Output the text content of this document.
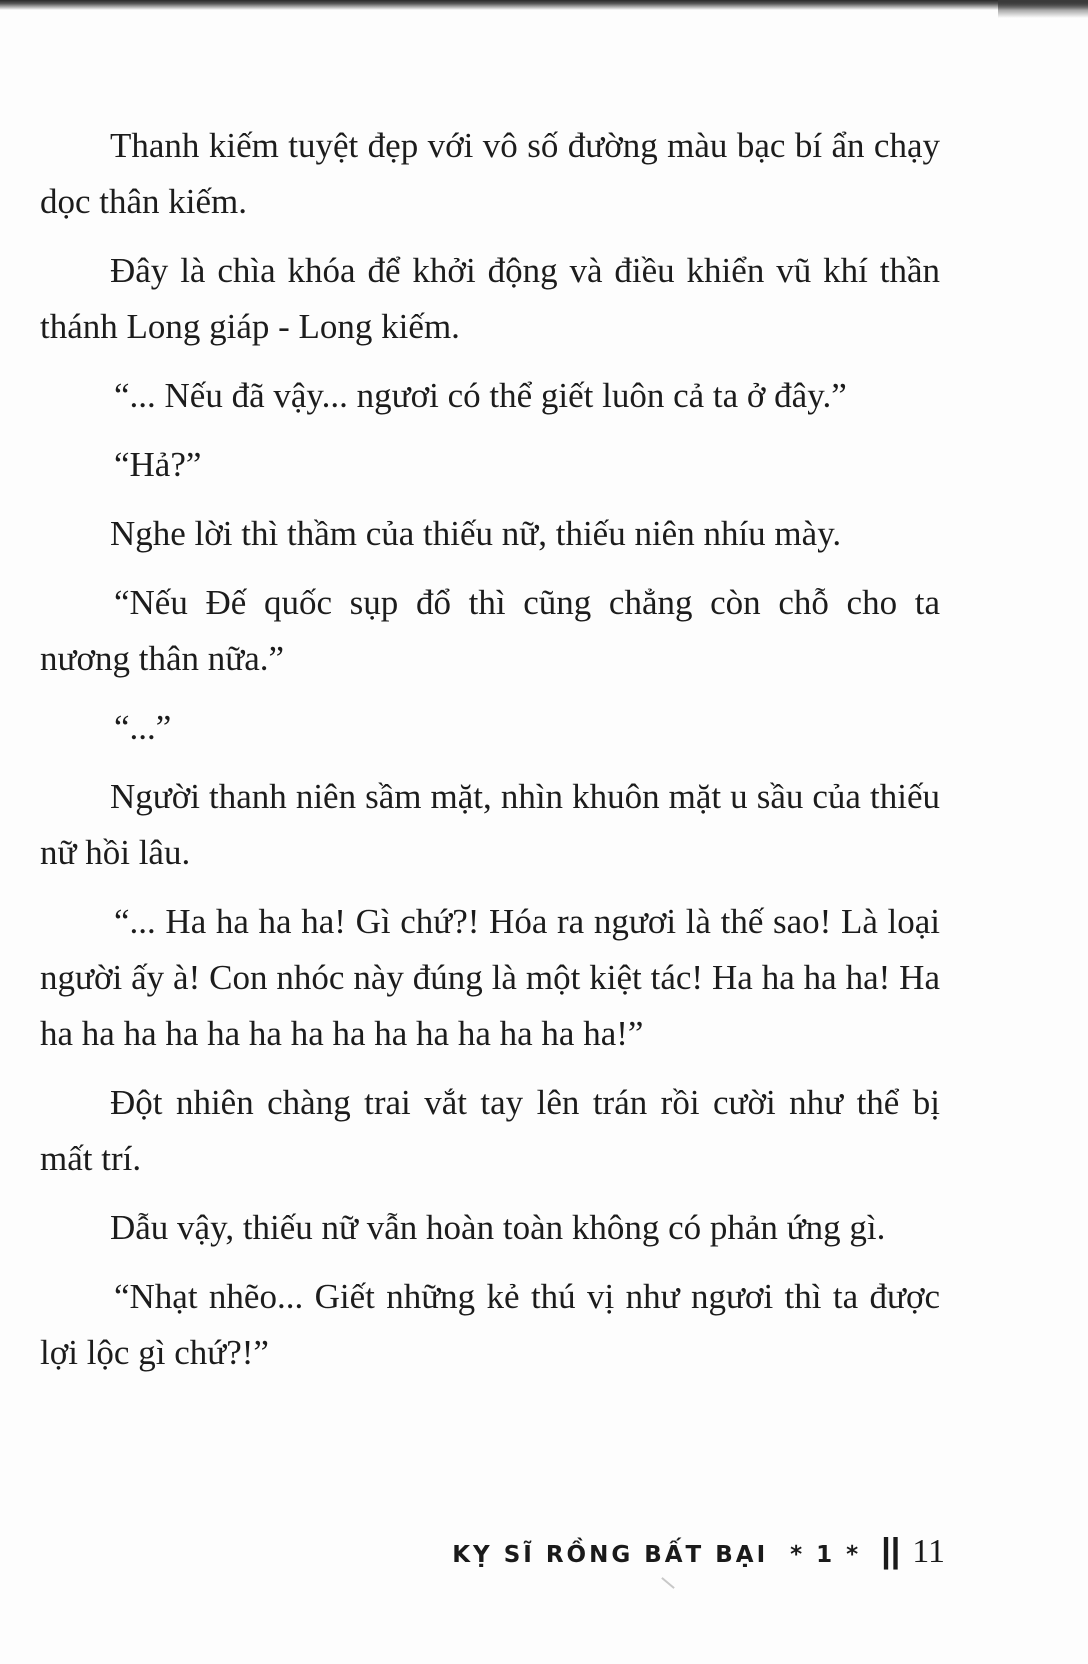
Thanh kiếm tuyệt đẹp với vô số đường màu bạc bí ẩn chạy dọc thân kiếm.

Đây là chìa khóa để khởi động và điều khiển vũ khí thần thánh Long giáp - Long kiếm.

“... Nếu đã vậy... ngươi có thể giết luôn cả ta ở đây.”

“Hả?”

Nghe lời thì thầm của thiếu nữ, thiếu niên nhíu mày.

“Nếu Đế quốc sụp đổ thì cũng chẳng còn chỗ cho ta nương thân nữa.”

“...”

Người thanh niên sầm mặt, nhìn khuôn mặt u sầu của thiếu nữ hồi lâu.

“... Ha ha ha ha! Gì chứ?! Hóa ra ngươi là thế sao! Là loại người ấy à! Con nhóc này đúng là một kiệt tác! Ha ha ha ha! Ha ha ha ha ha ha ha ha ha ha ha ha ha ha ha!”

Đột nhiên chàng trai vắt tay lên trán rồi cười như thể bị mất trí.

Dẫu vậy, thiếu nữ vẫn hoàn toàn không có phản ứng gì.

“Nhạt nhẽo... Giết những kẻ thú vị như ngươi thì ta được lợi lộc gì chứ?!”

KỴ SĨ RỒNG BẤT BẠI * 1 * || 11
